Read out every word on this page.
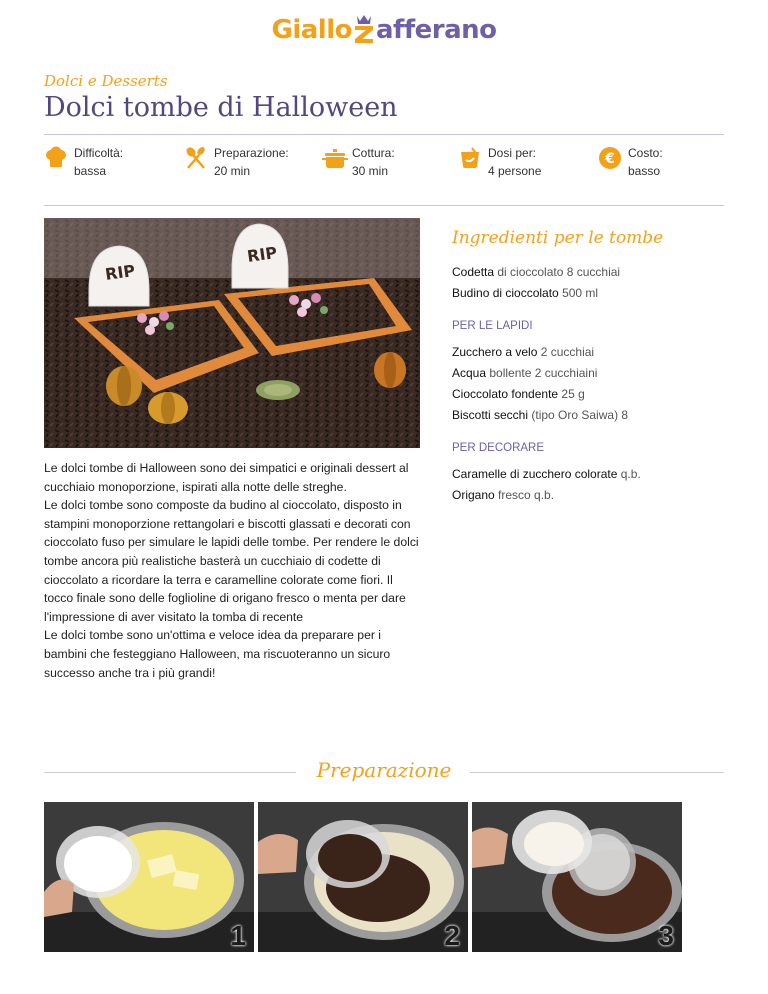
Giallo afferano
Dolci e Desserts
Dolci tombe di Halloween
Difficoltà:
bassa
Preparazione:
20 min
Cottura:
30 min
Dosi per:
4 persone
€ Costo:
basso
RIP
RIP
Ingredienti per le tombe
Codetta di cioccolato 8 cucchiai
Budino di cioccolato 500 ml
PER LE LAPIDI
Zucchero a velo 2 cucchiai
Acqua bollente 2 cucchiaini
Cioccolato fondente 25 g
Biscotti secchi (tipo Oro Saiwa) 8
PER DECORARE
Caramelle di zucchero colorate q.b.
Origano fresco q.b.

Le dolci tombe di Halloween sono dei simpatici e originali dessert al cucchiaio monoporzione, ispirati alla notte delle streghe.

Le dolci tombe sono composte da budino al cioccolato, disposto in stampini monoporzione rettangolari e biscotti glassati e decorati con cioccolato fuso per simulare le lapidi delle tombe. Per rendere le dolci tombe ancora più realistiche basterà un cucchiaio di codette di cioccolato a ricordare la terra e caramelline colorate come fiori. Il tocco finale sono delle foglioline di origano fresco o menta per dare l'impressione di aver visitato la tomba di recente

Le dolci tombe sono un'ottima e veloce idea da preparare per i bambini che festeggiano Halloween, ma riscuoteranno un sicuro successo anche tra i più grandi!

Preparazione
1	2	3
